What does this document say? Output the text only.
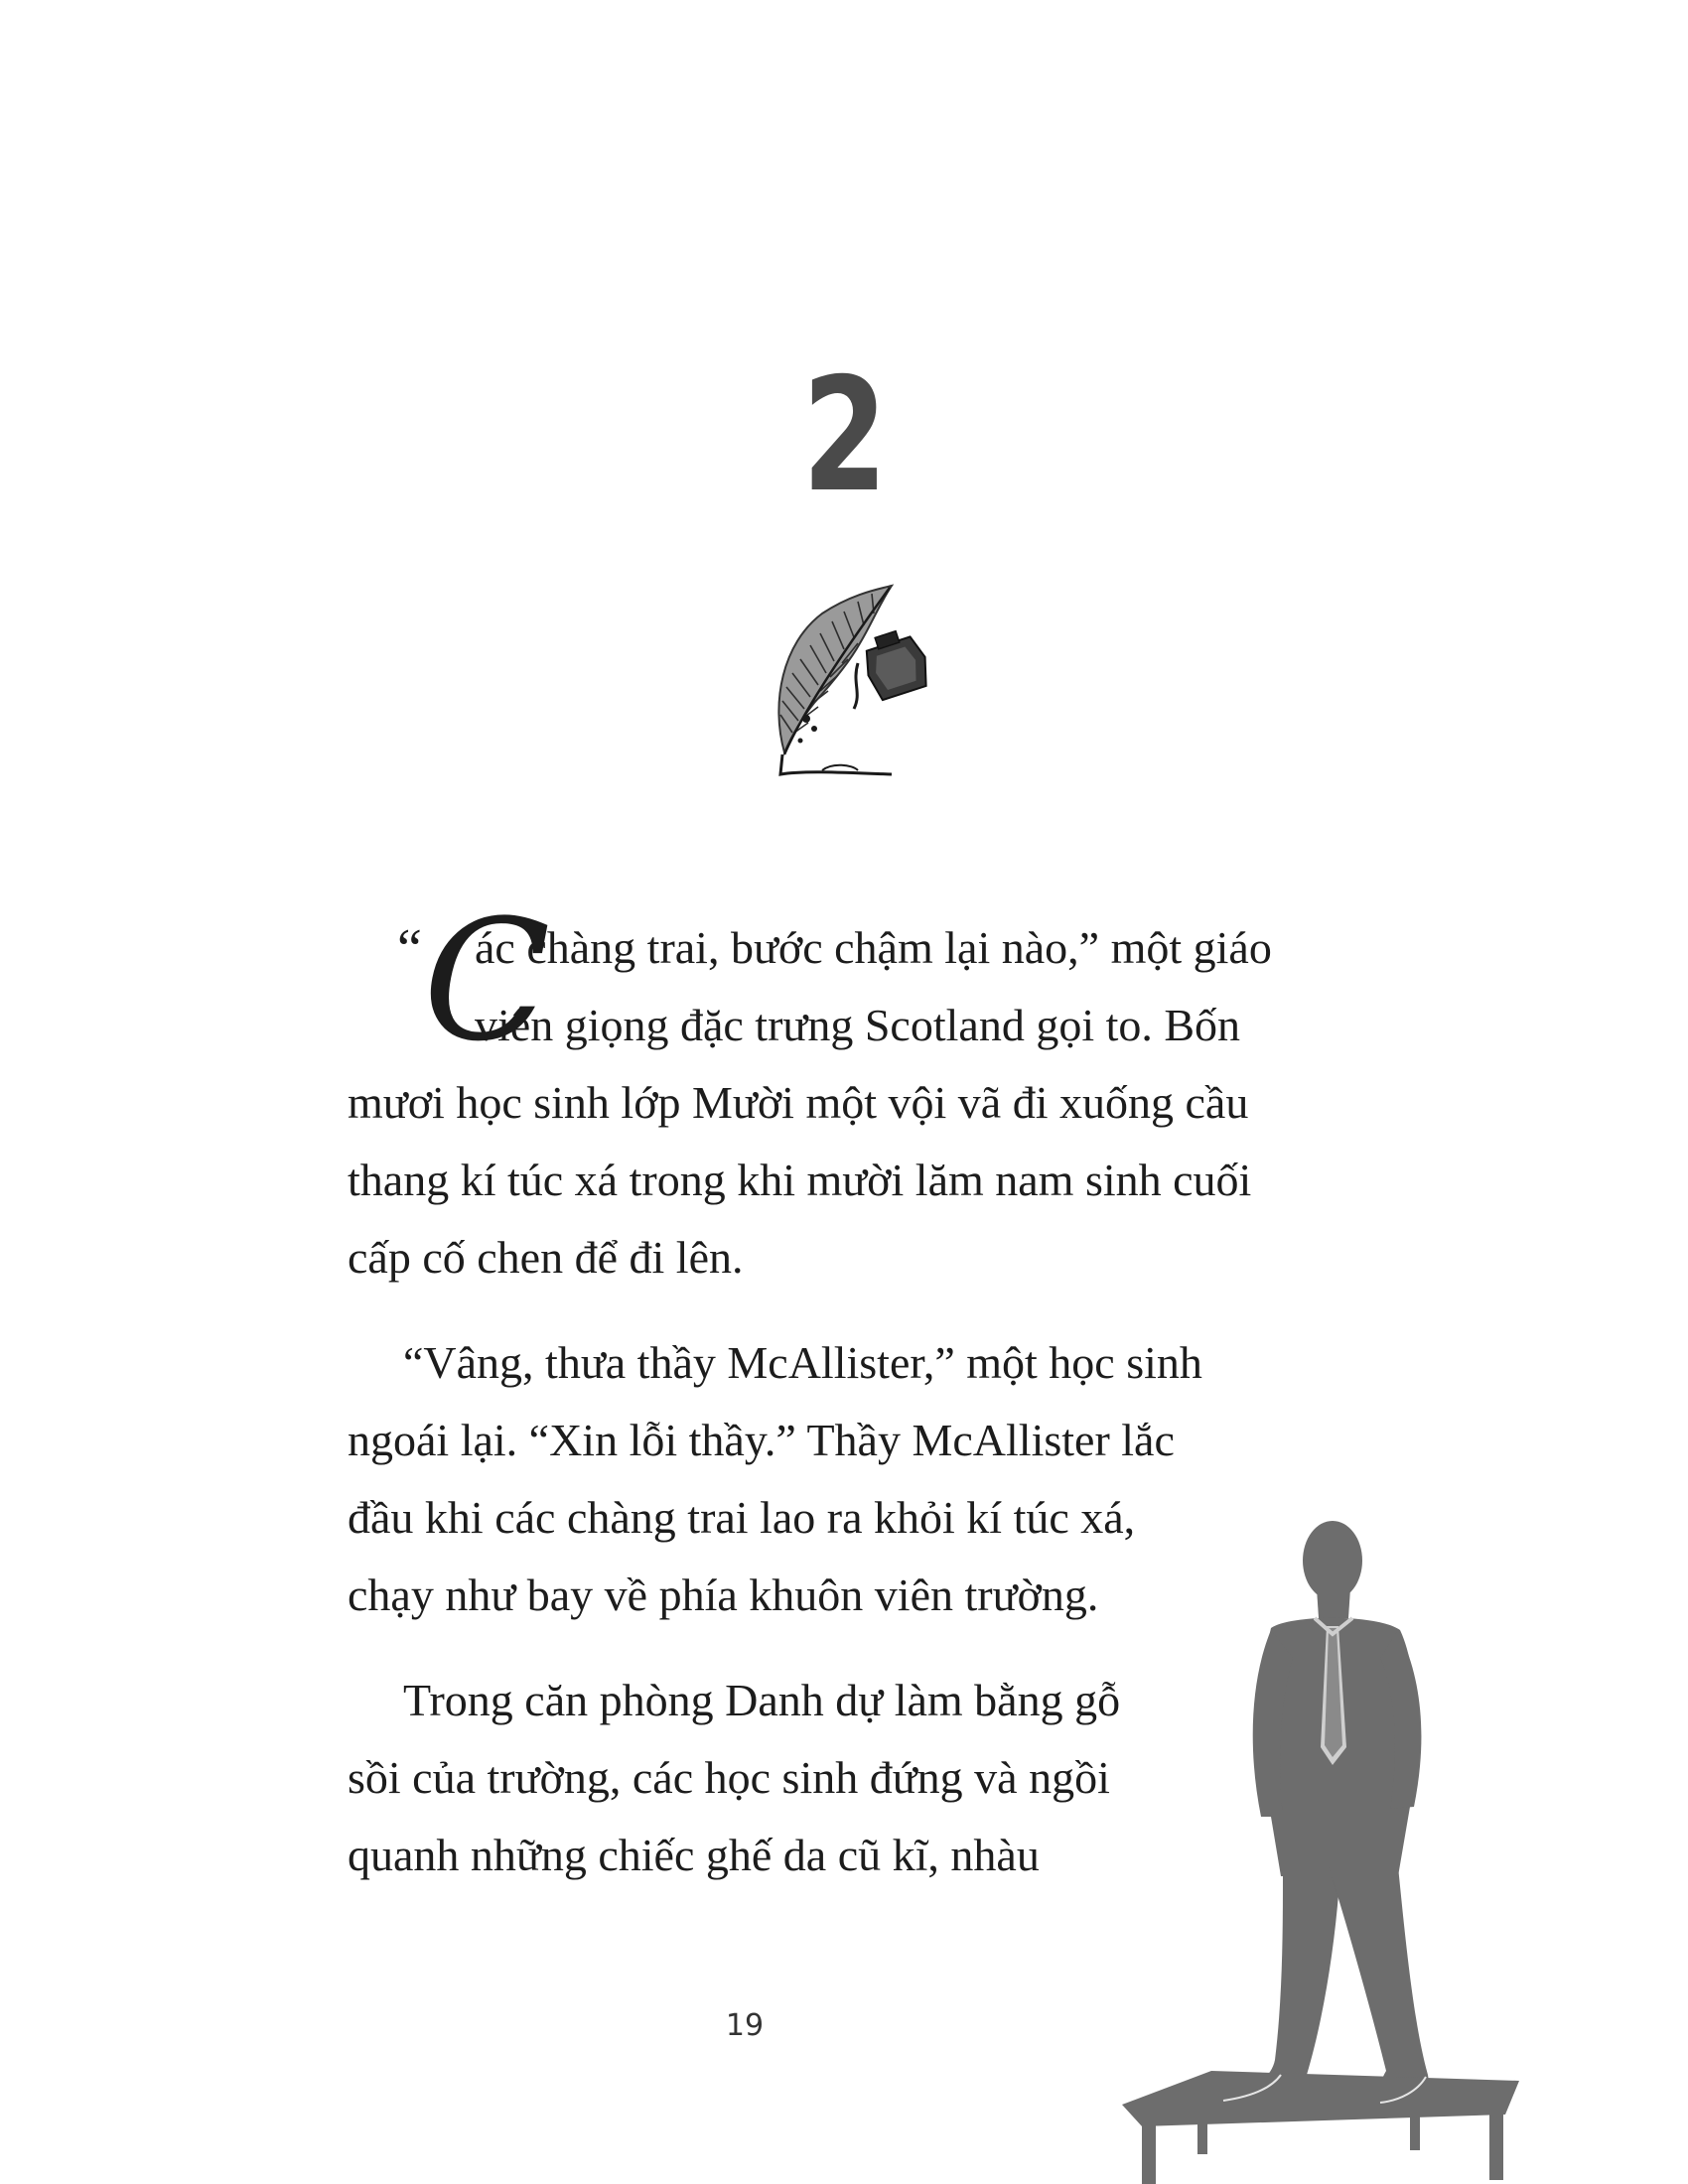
2
“ C
ác chàng trai, bước chậm lại nào,” một giáo
viên giọng đặc trưng Scotland gọi to. Bốn
mươi học sinh lớp Mười một vội vã đi xuống cầu
thang kí túc xá trong khi mười lăm nam sinh cuối
cấp cố chen để đi lên.
“Vâng, thưa thầy McAllister,” một học sinh
ngoái lại. “Xin lỗi thầy.” Thầy McAllister lắc
đầu khi các chàng trai lao ra khỏi kí túc xá,
chạy như bay về phía khuôn viên trường.
Trong căn phòng Danh dự làm bằng gỗ
sồi của trường, các học sinh đứng và ngồi
quanh những chiếc ghế da cũ kĩ, nhàu
19
